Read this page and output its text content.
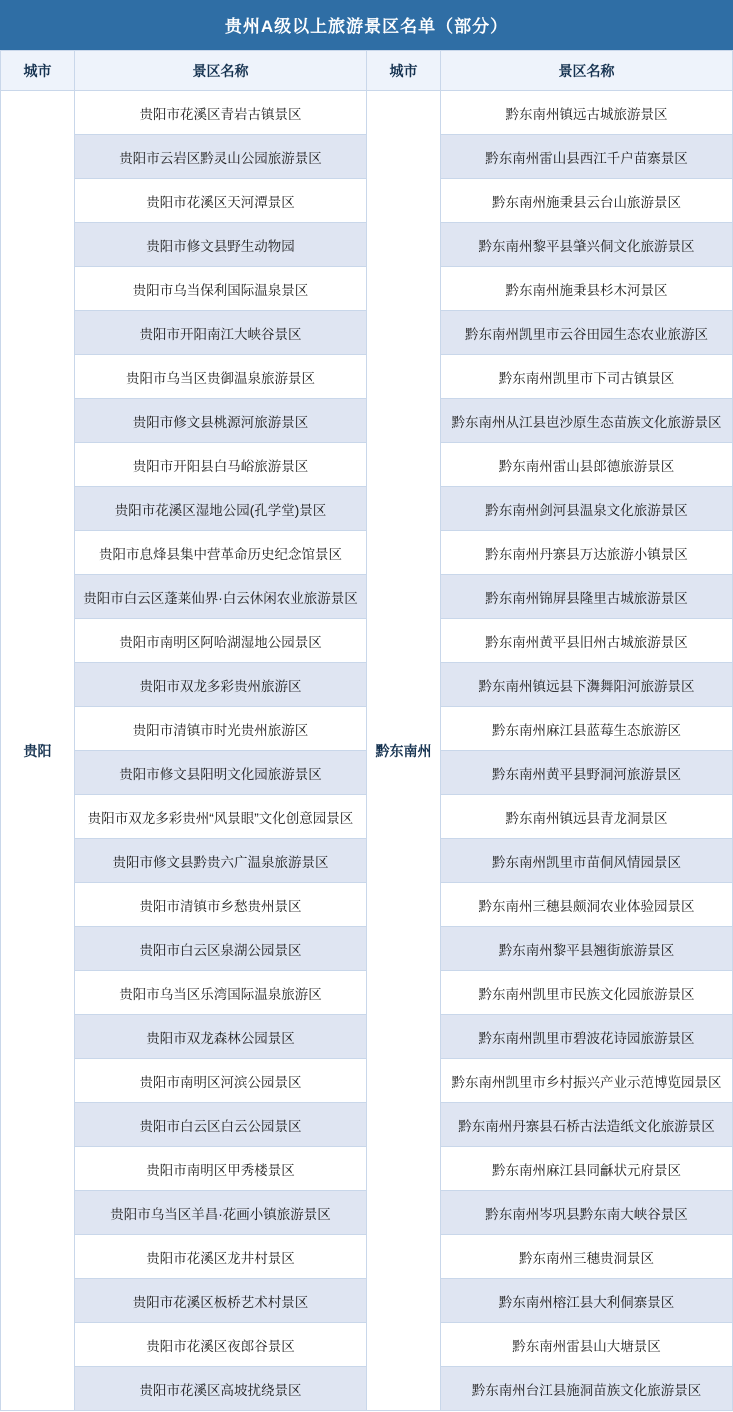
贵州A级以上旅游景区名单（部分）
城市	景区名称	城市	景区名称
贵阳	贵阳市花溪区青岩古镇景区	黔东南州	黔东南州镇远古城旅游景区
	贵阳市云岩区黔灵山公园旅游景区		黔东南州雷山县西江千户苗寨景区
	贵阳市花溪区天河潭景区		黔东南州施秉县云台山旅游景区
	贵阳市修文县野生动物园		黔东南州黎平县肇兴侗文化旅游景区
	贵阳市乌当保利国际温泉景区		黔东南州施秉县杉木河景区
	贵阳市开阳南江大峡谷景区		黔东南州凯里市云谷田园生态农业旅游区
	贵阳市乌当区贵御温泉旅游景区		黔东南州凯里市下司古镇景区
	贵阳市修文县桃源河旅游景区		黔东南州从江县岜沙原生态苗族文化旅游景区
	贵阳市开阳县白马峪旅游景区		黔东南州雷山县郎德旅游景区
	贵阳市花溪区湿地公园(孔学堂)景区		黔东南州剑河县温泉文化旅游景区
	贵阳市息烽县集中营革命历史纪念馆景区		黔东南州丹寨县万达旅游小镇景区
	贵阳市白云区蓬莱仙界·白云休闲农业旅游景区		黔东南州锦屏县隆里古城旅游景区
	贵阳市南明区阿哈湖湿地公园景区		黔东南州黄平县旧州古城旅游景区
	贵阳市双龙多彩贵州旅游区		黔东南州镇远县下㵲舞阳河旅游景区
	贵阳市清镇市时光贵州旅游区		黔东南州麻江县蓝莓生态旅游区
	贵阳市修文县阳明文化园旅游景区		黔东南州黄平县野洞河旅游景区
	贵阳市双龙多彩贵州“风景眼”文化创意园景区		黔东南州镇远县青龙洞景区
	贵阳市修文县黔贵六广温泉旅游景区		黔东南州凯里市苗侗风情园景区
	贵阳市清镇市乡愁贵州景区		黔东南州三穗县颇洞农业体验园景区
	贵阳市白云区泉湖公园景区		黔东南州黎平县翘街旅游景区
	贵阳市乌当区乐湾国际温泉旅游区		黔东南州凯里市民族文化园旅游景区
	贵阳市双龙森林公园景区		黔东南州凯里市碧波花诗园旅游景区
	贵阳市南明区河滨公园景区		黔东南州凯里市乡村振兴产业示范博览园景区
	贵阳市白云区白云公园景区		黔东南州丹寨县石桥古法造纸文化旅游景区
	贵阳市南明区甲秀楼景区		黔东南州麻江县同龢状元府景区
	贵阳市乌当区羊昌·花画小镇旅游景区		黔东南州岑巩县黔东南大峡谷景区
	贵阳市花溪区龙井村景区		黔东南州三穗贵洞景区
	贵阳市花溪区板桥艺术村景区		黔东南州榕江县大利侗寨景区
	贵阳市花溪区夜郎谷景区		黔东南州雷县山大塘景区
	贵阳市花溪区高坡扰绕景区		黔东南州台江县施洞苗族文化旅游景区
